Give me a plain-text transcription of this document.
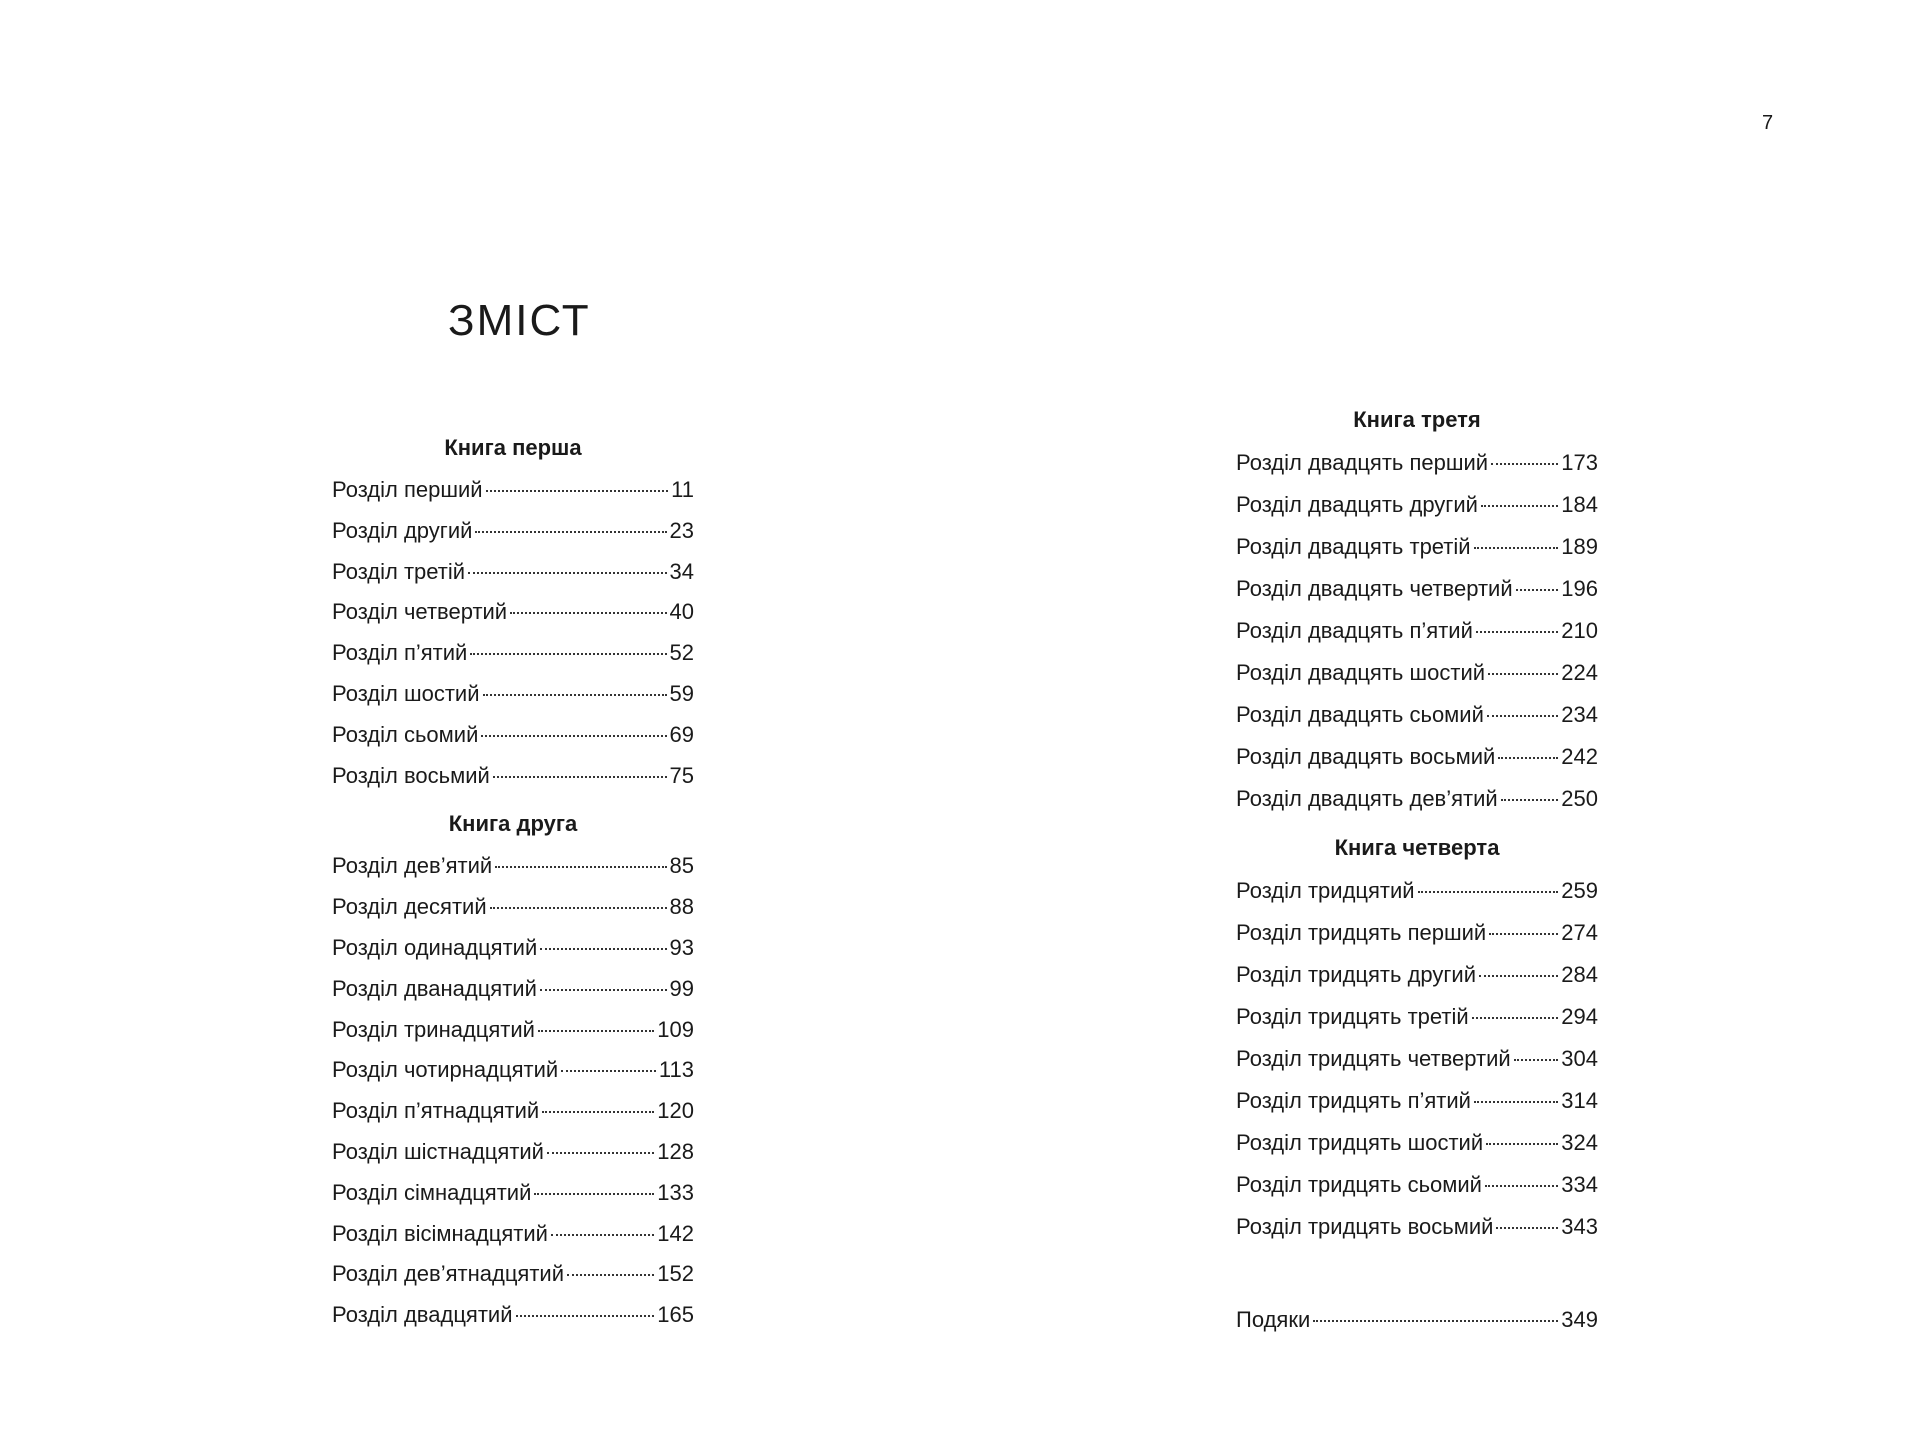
7
ЗМІСТ
Книга перша
Розділ перший	11
Розділ другий	23
Розділ третій	34
Розділ четвертий	40
Розділ п’ятий	52
Розділ шостий	59
Розділ сьомий	69
Розділ восьмий	75
Книга друга
Розділ дев’ятий	85
Розділ десятий	88
Розділ одинадцятий	93
Розділ дванадцятий	99
Розділ тринадцятий	109
Розділ чотирнадцятий	113
Розділ п’ятнадцятий	120
Розділ шістнадцятий	128
Розділ сімнадцятий	133
Розділ вісімнадцятий	142
Розділ дев’ятнадцятий	152
Розділ двадцятий	165
Книга третя
Розділ двадцять перший	173
Розділ двадцять другий	184
Розділ двадцять третій	189
Розділ двадцять четвертий 196
Розділ двадцять п’ятий	210
Розділ двадцять шостий	224
Розділ двадцять сьомий	234
Розділ двадцять восьмий	242
Розділ двадцять дев’ятий	250
Книга четверта
Розділ тридцятий	259
Розділ тридцять перший	274
Розділ тридцять другий	284
Розділ тридцять третій	294
Розділ тридцять четвертий 304
Розділ тридцять п’ятий	314
Розділ тридцять шостий	324
Розділ тридцять сьомий	334
Розділ тридцять восьмий	343
Подяки	349
